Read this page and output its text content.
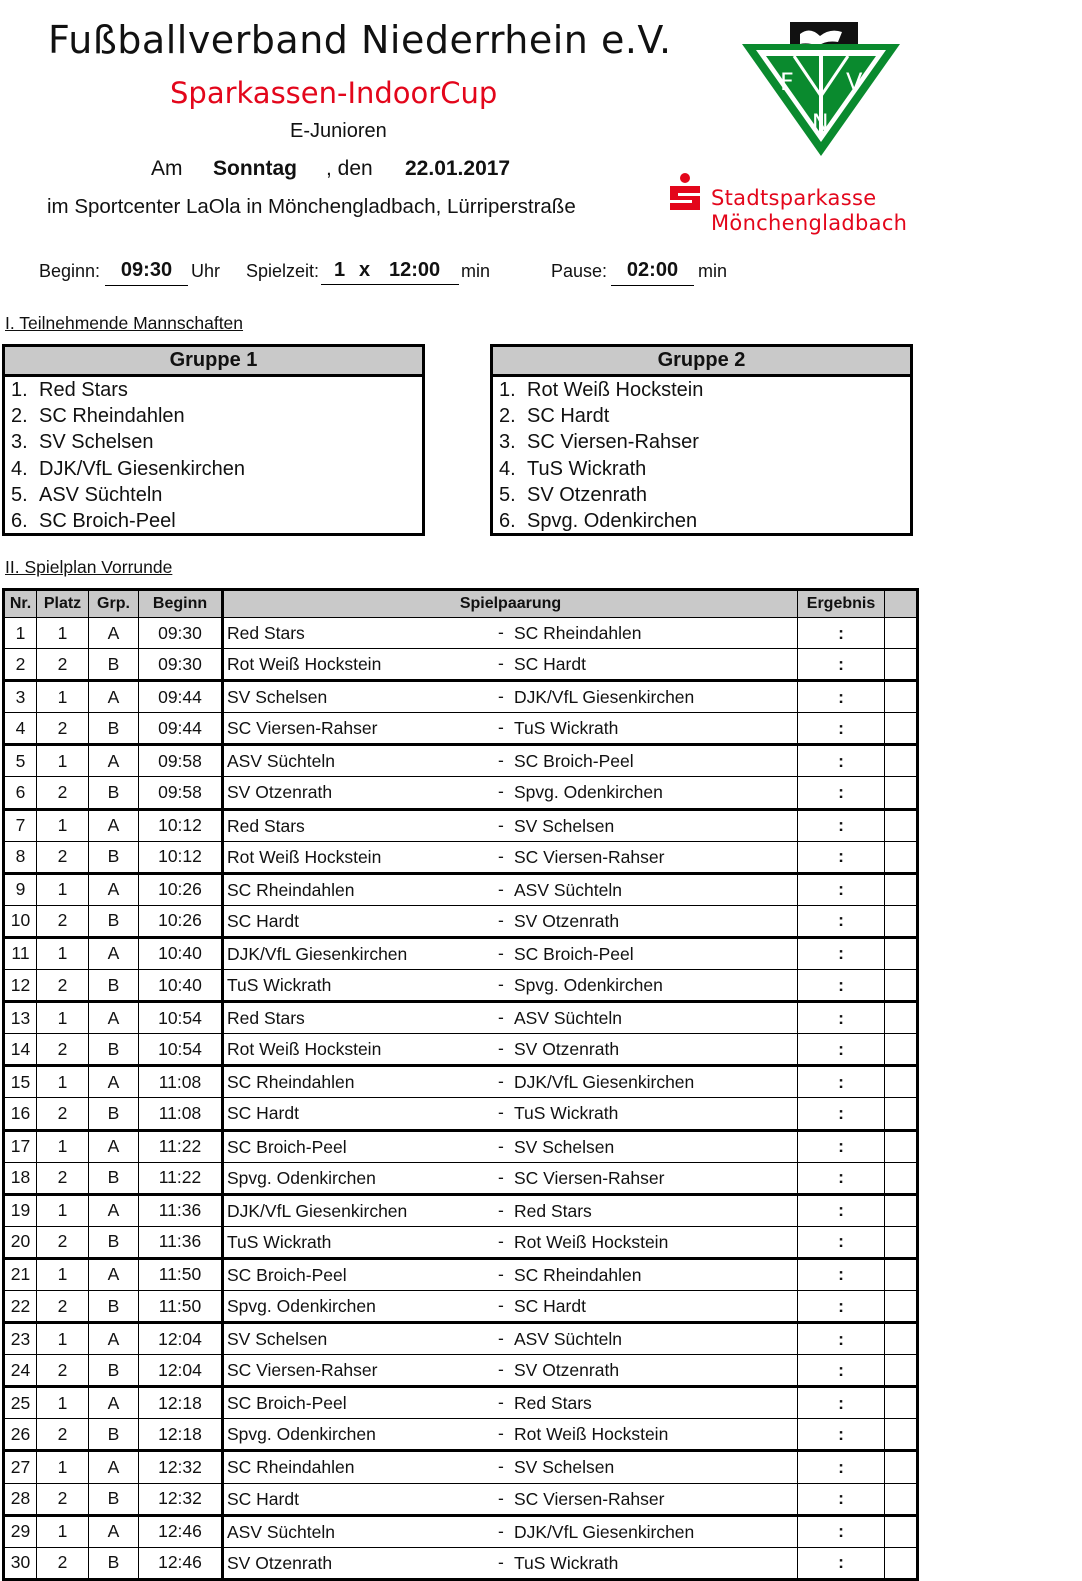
Fußballverband Niederrhein e.V.
Sparkassen-IndoorCup
E-Junioren
Am Sonntag , den 22.01.2017
im Sportcenter LaOla in Mönchengladbach, Lürriperstraße
F V
N
Stadtsparkasse
Mönchengladbach
Beginn:	09:30	Uhr Spielzeit: 1 x 12:00 min	Pause: 02:00	min
I. Teilnehmende Mannschaften
Gruppe 1
1. Red Stars
2. SC Rheindahlen
3. SV Schelsen
4. DJK/VfL Giesenkirchen
5. ASV Süchteln
6. SC Broich-Peel
Gruppe 2
1. Rot Weiß Hockstein
2. SC Hardt
3. SC Viersen-Rahser
4. TuS Wickrath
5. SV Otzenrath
6. Spvg. Odenkirchen
II. Spielplan Vorrunde
Nr.	Platz	Grp.	Beginn	Spielpaarung	Ergebnis	
1	1	A	09:30	Red Stars - SC Rheindahlen	:	
2	2	B	09:30	Rot Weiß Hockstein - SC Hardt	:	
3	1	A	09:44	SV Schelsen - DJK/VfL Giesenkirchen	:	
4	2	B	09:44	SC Viersen-Rahser - TuS Wickrath	:	
5	1	A	09:58	ASV Süchteln - SC Broich-Peel	:	
6	2	B	09:58	SV Otzenrath - Spvg. Odenkirchen	:	
7	1	A	10:12	Red Stars - SV Schelsen	:	
8	2	B	10:12	Rot Weiß Hockstein - SC Viersen-Rahser	:	
9	1	A	10:26	SC Rheindahlen - ASV Süchteln	:	
10	2	B	10:26	SC Hardt - SV Otzenrath	:	
11	1	A	10:40	DJK/VfL Giesenkirchen - SC Broich-Peel	:	
12	2	B	10:40	TuS Wickrath - Spvg. Odenkirchen	:	
13	1	A	10:54	Red Stars - ASV Süchteln	:	
14	2	B	10:54	Rot Weiß Hockstein - SV Otzenrath	:	
15	1	A	11:08	SC Rheindahlen - DJK/VfL Giesenkirchen	:	
16	2	B	11:08	SC Hardt - TuS Wickrath	:	
17	1	A	11:22	SC Broich-Peel - SV Schelsen	:	
18	2	B	11:22	Spvg. Odenkirchen - SC Viersen-Rahser	:	
19	1	A	11:36	DJK/VfL Giesenkirchen - Red Stars	:	
20	2	B	11:36	TuS Wickrath - Rot Weiß Hockstein	:	
21	1	A	11:50	SC Broich-Peel - SC Rheindahlen	:	
22	2	B	11:50	Spvg. Odenkirchen - SC Hardt	:	
23	1	A	12:04	SV Schelsen - ASV Süchteln	:	
24	2	B	12:04	SC Viersen-Rahser - SV Otzenrath	:	
25	1	A	12:18	SC Broich-Peel - Red Stars	:	
26	2	B	12:18	Spvg. Odenkirchen - Rot Weiß Hockstein	:	
27	1	A	12:32	SC Rheindahlen - SV Schelsen	:	
28	2	B	12:32	SC Hardt - SC Viersen-Rahser	:	
29	1	A	12:46	ASV Süchteln - DJK/VfL Giesenkirchen	:	
30	2	B	12:46	SV Otzenrath - TuS Wickrath	:	
